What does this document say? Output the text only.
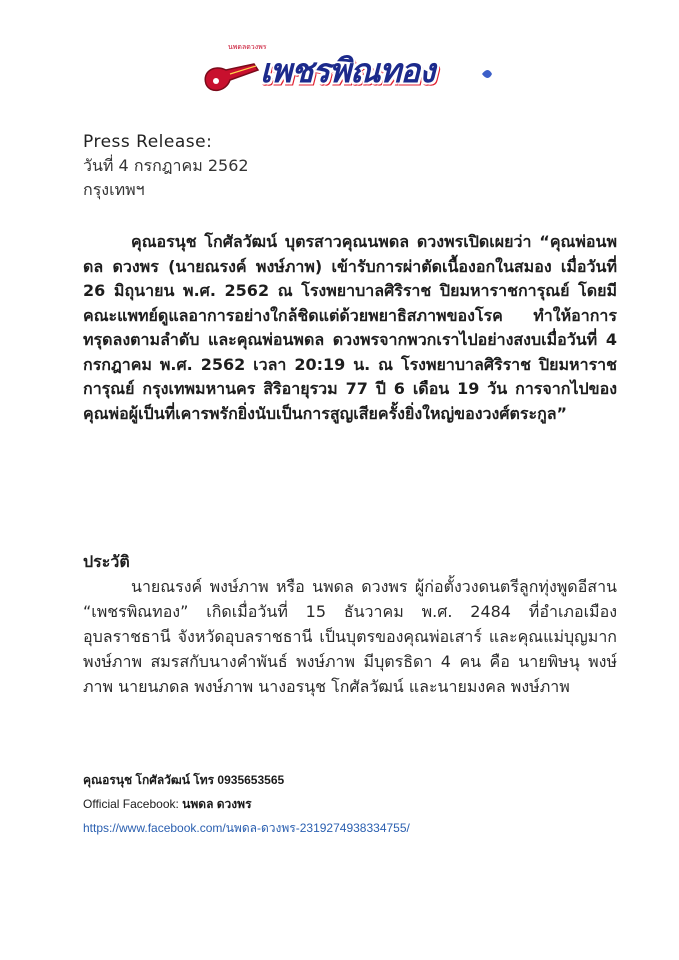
นพดลดวงพร
เพชรพิณทอง
Press Release:
วันที่ 4 กรกฎาคม 2562
กรุงเทพฯ

คุณอรนุช โกศัลวัฒน์ บุตรสาวคุณนพดล ดวงพรเปิดเผยว่า “คุณพ่อนพดล ดวงพร (นายณรงค์ พงษ์ภาพ) เข้ารับการผ่าตัดเนื้องอกในสมอง เมื่อวันที่ 26 มิถุนายน พ.ศ. 2562 ณ โรงพยาบาลศิริราช ปิยมหาราชการุณย์ โดยมีคณะแพทย์ดูแลอาการอย่างใกล้ชิดแต่ด้วยพยาธิสภาพของโรค ทำให้อาการทรุดลงตามลำดับ และคุณพ่อนพดล ดวงพรจากพวกเราไปอย่างสงบเมื่อวันที่ 4 กรกฎาคม พ.ศ. 2562 เวลา 20:19 น. ณ โรงพยาบาลศิริราช ปิยมหาราชการุณย์ กรุงเทพมหานคร สิริอายุรวม 77 ปี 6 เดือน 19 วัน การจากไปของคุณพ่อผู้เป็นที่เคารพรักยิ่งนับเป็นการสูญเสียครั้งยิ่งใหญ่ของวงศ์ตระกูล”

ประวัติ

นายณรงค์ พงษ์ภาพ หรือ นพดล ดวงพร ผู้ก่อตั้งวงดนตรีลูกทุ่งพูดอีสาน “เพชรพิณทอง” เกิดเมื่อวันที่ 15 ธันวาคม พ.ศ. 2484 ที่อำเภอเมืองอุบลราชธานี จังหวัดอุบลราชธานี เป็นบุตรของคุณพ่อเสาร์ และคุณแม่บุญมาก พงษ์ภาพ สมรสกับนางคำพันธ์ พงษ์ภาพ มีบุตรธิดา 4 คน คือ นายพิษนุ พงษ์ภาพ นายนภดล พงษ์ภาพ นางอรนุช โกศัลวัฒน์ และนายมงคล พงษ์ภาพ

คุณอรนุช โกศัลวัฒน์ โทร 0935653565
Official Facebook: นพดล ดวงพร
https://www.facebook.com/นพดล-ดวงพร-2319274938334755/
